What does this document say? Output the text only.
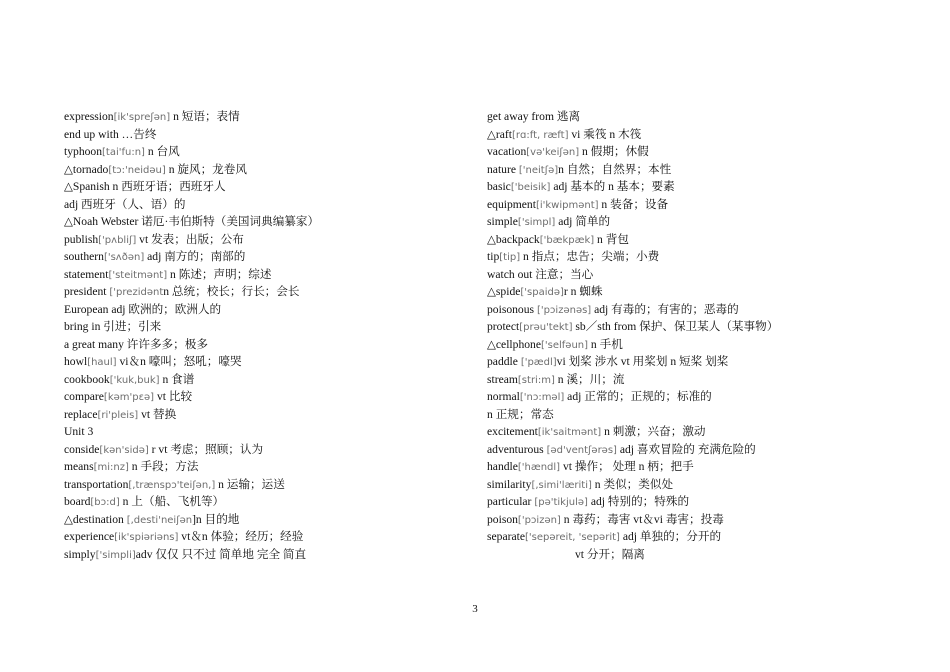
expression[ik'spreʃən] n 短语；表情
end up with …告终
typhoon[tai'fu:n] n 台风
△tornado[tɔ:'neidəu] n 旋风；龙卷风
△Spanish n 西班牙语；西班牙人
adj 西班牙（人、语）的
△Noah Webster 诺厄·韦伯斯特（美国词典编纂家）
publish['pʌbliʃ] vt 发表；出版；公布
southern['sʌðən] adj 南方的；南部的
statement['steitmənt] n 陈述；声明；综述
president ['prezidəntn 总统；校长；行长；会长
European adj 欧洲的；欧洲人的
bring in 引进；引来
a great many 许许多多；极多
howl[haul] vi＆n 嚎叫；怒吼；嚎哭
cookbook['kuk,buk] n 食谱
compare[kəm'pεə] vt 比较
replace[ri'pleis] vt 替换
Unit 3
conside[kən'sidə] r vt 考虑；照顾；认为
means[mi:nz] n 手段；方法
transportation[,trænspɔ'teiʃən,] n 运输；运送
board[bɔ:d] n 上（船、飞机等）
△destination [,desti'neiʃən]n 目的地
experience[ik'spiəriəns] vt＆n 体验；经历；经验
simply['simpli]adv 仅仅 只不过 简单地 完全 简直
get away from 逃离
△raft[rɑ:ft, ræft] vi 乘筏 n 木筏
vacation[və'keiʃən] n 假期；休假
nature ['neitʃə]n 自然；自然界；本性
basic['beisik] adj 基本的 n 基本；要素
equipment[i'kwipmənt] n 装备；设备
simple['simpl] adj 简单的
△backpack['bækpæk] n 背包
tip[tip] n 指点；忠告；尖端；小费
watch out 注意；当心
△spide['spaidə]r n 蜘蛛
poisonous ['pɔizənəs] adj 有毒的；有害的；恶毒的
protect[prəu'tekt] sb／sth from 保护、保卫某人（某事物）
△cellphone['selfəun] n 手机
paddle ['pædl]vi 划桨 涉水 vt 用桨划 n 短桨 划桨
stream[stri:m] n 溪；川；流
normal['nɔ:məl] adj 正常的；正规的；标准的
n 正规；常态
excitement[ik'saitmənt] n 刺激；兴奋；激动
adventurous [əd'ventʃərəs] adj 喜欢冒险的 充满危险的
handle['hændl] vt 操作； 处理 n 柄；把手
similarity[,simi'læriti] n 类似；类似处
particular [pə'tikjulə] adj 特别的；特殊的
poison['pɔizən] n 毒药；毒害 vt＆vi 毒害；投毒
separate['sepəreit, 'sepərit] adj 单独的；分开的
vt 分开；隔离
3
